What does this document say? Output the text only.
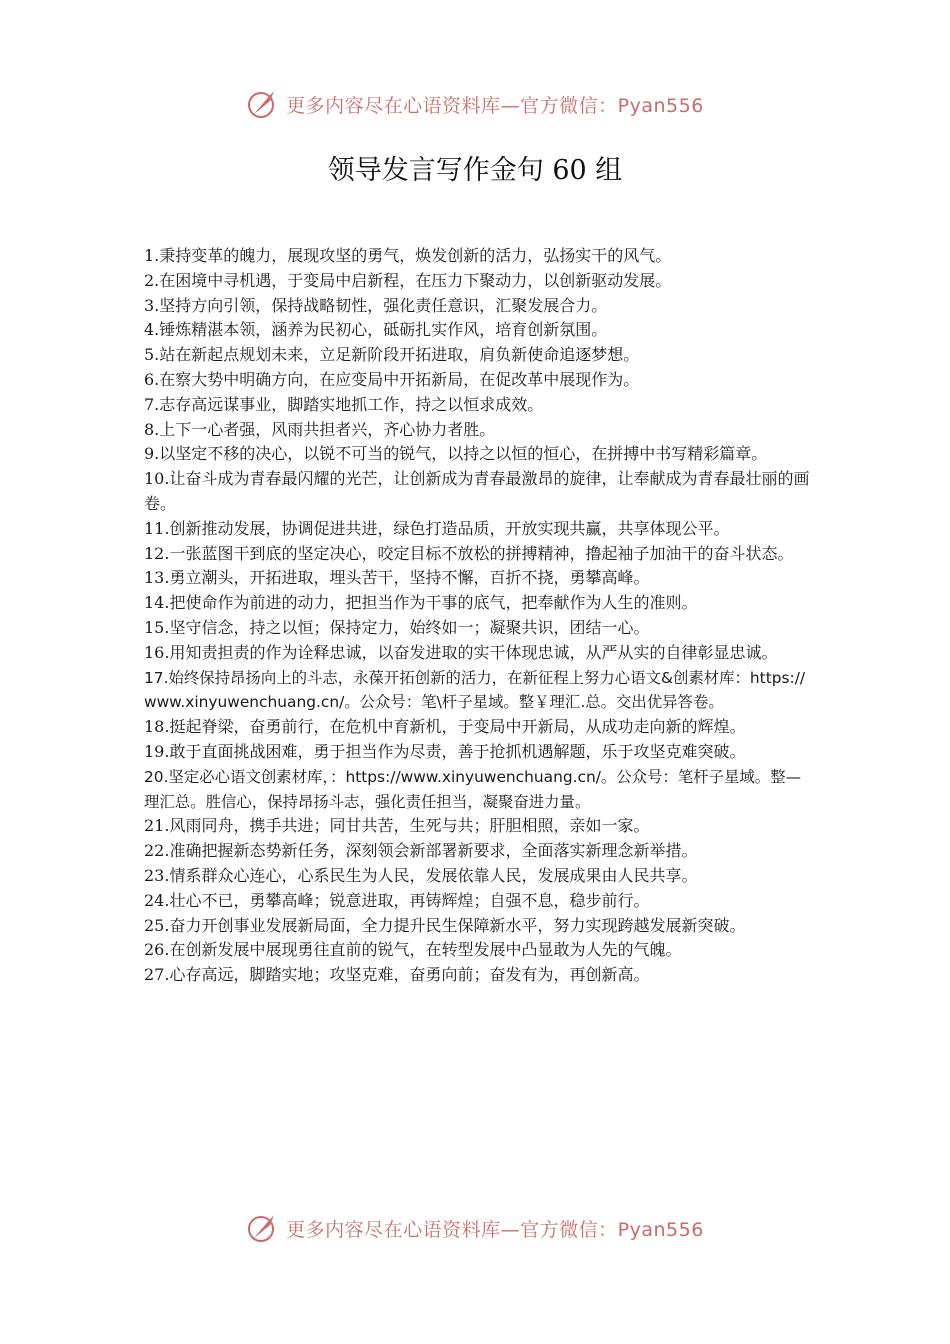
更多内容尽在心语资料库—官方微信：Pyan556
领导发言写作金句 60 组

1.秉持变革的魄力，展现攻坚的勇气，焕发创新的活力，弘扬实干的风气。

2.在困境中寻机遇，于变局中启新程，在压力下聚动力，以创新驱动发展。

3.坚持方向引领，保持战略韧性，强化责任意识，汇聚发展合力。

4.锤炼精湛本领，涵养为民初心，砥砺扎实作风，培育创新氛围。

5.站在新起点规划未来，立足新阶段开拓进取，肩负新使命追逐梦想。

6.在察大势中明确方向，在应变局中开拓新局，在促改革中展现作为。

7.志存高远谋事业，脚踏实地抓工作，持之以恒求成效。

8.上下一心者强，风雨共担者兴，齐心协力者胜。

9.以坚定不移的决心，以锐不可当的锐气，以持之以恒的恒心，在拼搏中书写精彩篇章。

10.让奋斗成为青春最闪耀的光芒，让创新成为青春最激昂的旋律，让奉献成为青春最壮丽的画卷。

11.创新推动发展，协调促进共进，绿色打造品质，开放实现共赢，共享体现公平。

12.一张蓝图干到底的坚定决心，咬定目标不放松的拼搏精神，撸起袖子加油干的奋斗状态。

13.勇立潮头，开拓进取，埋头苦干，坚持不懈，百折不挠，勇攀高峰。

14.把使命作为前进的动力，把担当作为干事的底气，把奉献作为人生的准则。

15.坚守信念，持之以恒；保持定力，始终如一；凝聚共识，团结一心。

16.用知责担责的作为诠释忠诚，以奋发进取的实干体现忠诚，从严从实的自律彰显忠诚。

17.始终保持昂扬向上的斗志，永葆开拓创新的活力，在新征程上努力心语文&创素材库：https://www.xinyuwenchuang.cn/。公众号：笔\杆子星域。整￥理汇.总。交出优异答卷。

18.挺起脊梁，奋勇前行，在危机中育新机，于变局中开新局，从成功走向新的辉煌。

19.敢于直面挑战困难，勇于担当作为尽责，善于抢抓机遇解题，乐于攻坚克难突破。

20.坚定必心语文创素材库，：https://www.xinyuwenchuang.cn/。公众号：笔杆子星域。整—理汇总。胜信心，保持昂扬斗志，强化责任担当，凝聚奋进力量。

21.风雨同舟，携手共进；同甘共苦，生死与共；肝胆相照，亲如一家。

22.准确把握新态势新任务，深刻领会新部署新要求，全面落实新理念新举措。

23.情系群众心连心，心系民生为人民，发展依靠人民，发展成果由人民共享。

24.壮心不已，勇攀高峰；锐意进取，再铸辉煌；自强不息，稳步前行。

25.奋力开创事业发展新局面，全力提升民生保障新水平，努力实现跨越发展新突破。

26.在创新发展中展现勇往直前的锐气，在转型发展中凸显敢为人先的气魄。

27.心存高远，脚踏实地；攻坚克难，奋勇向前；奋发有为，再创新高。

更多内容尽在心语资料库—官方微信：Pyan556
